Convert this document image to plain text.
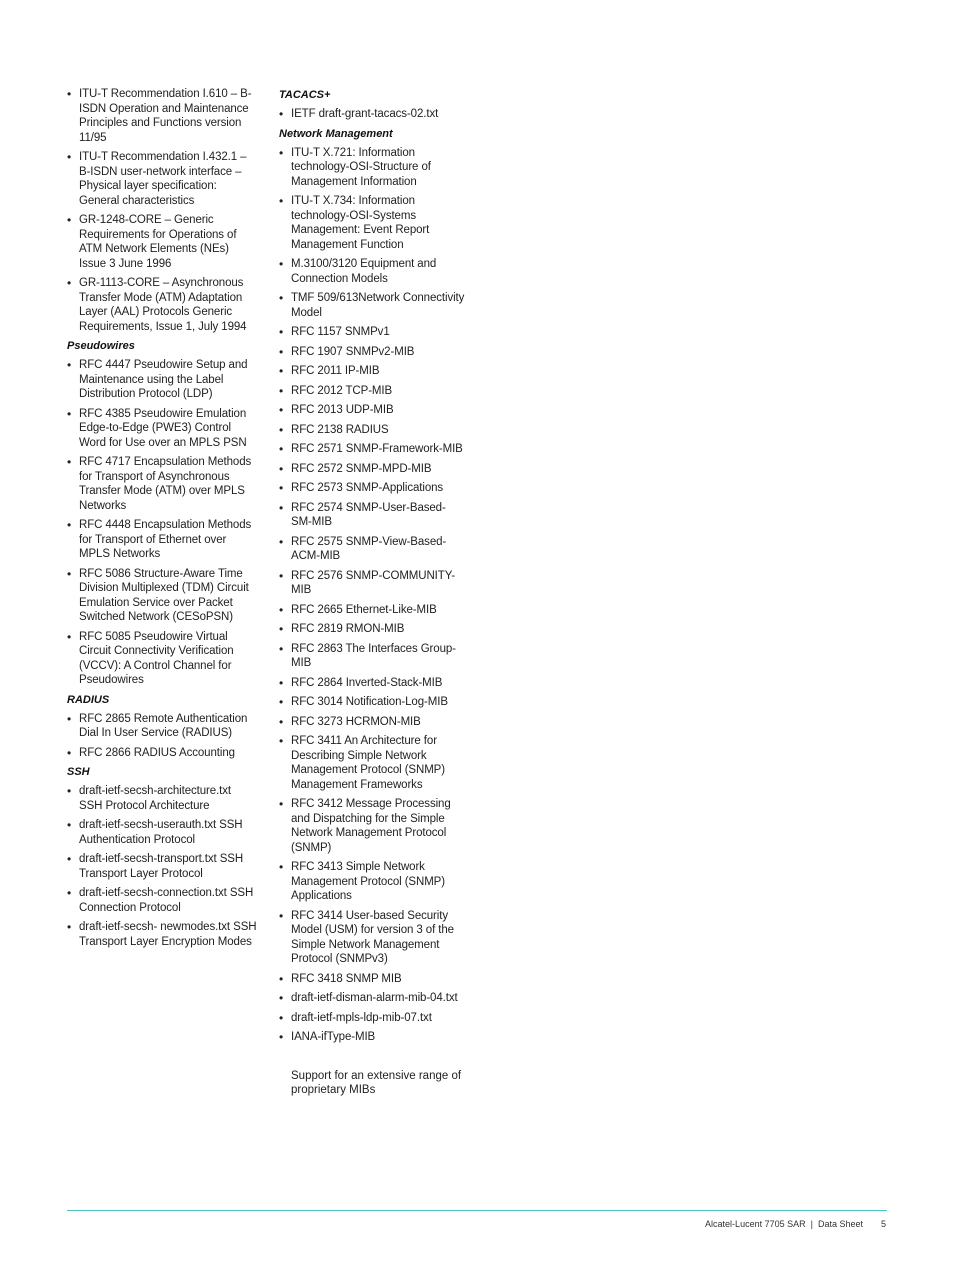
• ITU-T Recommendation I.610 – B-ISDN Operation and Maintenance Principles and Functions version 11/95
• ITU-T Recommendation I.432.1 – B-ISDN user-network interface – Physical layer specification: General characteristics
• GR-1248-CORE – Generic Requirements for Operations of ATM Network Elements (NEs) Issue 3 June 1996
• GR-1113-CORE – Asynchronous Transfer Mode (ATM) Adaptation Layer (AAL) Protocols Generic Requirements, Issue 1, July 1994
Pseudowires
• RFC 4447 Pseudowire Setup and Maintenance using the Label Distribution Protocol (LDP)
• RFC 4385 Pseudowire Emulation Edge-to-Edge (PWE3) Control Word for Use over an MPLS PSN
• RFC 4717 Encapsulation Methods for Transport of Asynchronous Transfer Mode (ATM) over MPLS Networks
• RFC 4448 Encapsulation Methods for Transport of Ethernet over MPLS Networks
• RFC 5086 Structure-Aware Time Division Multiplexed (TDM) Circuit Emulation Service over Packet Switched Network (CESoPSN)
• RFC 5085 Pseudowire Virtual Circuit Connectivity Verification (VCCV): A Control Channel for Pseudowires
RADIUS
• RFC 2865 Remote Authentication Dial In User Service (RADIUS)
• RFC 2866 RADIUS Accounting
SSH
• draft-ietf-secsh-architecture.txt SSH Protocol Architecture
• draft-ietf-secsh-userauth.txt SSH Authentication Protocol
• draft-ietf-secsh-transport.txt SSH Transport Layer Protocol
• draft-ietf-secsh-connection.txt SSH Connection Protocol
• draft-ietf-secsh- newmodes.txt SSH Transport Layer Encryption Modes
TACACS+
• IETF draft-grant-tacacs-02.txt
Network Management
• ITU-T X.721: Information technology-OSI-Structure of Management Information
• ITU-T X.734: Information technology-OSI-Systems Management: Event Report Management Function
• M.3100/3120 Equipment and Connection Models
• TMF 509/613Network Connectivity Model
• RFC 1157 SNMPv1
• RFC 1907 SNMPv2-MIB
• RFC 2011 IP-MIB
• RFC 2012 TCP-MIB
• RFC 2013 UDP-MIB
• RFC 2138 RADIUS
• RFC 2571 SNMP-Framework-MIB
• RFC 2572 SNMP-MPD-MIB
• RFC 2573 SNMP-Applications
• RFC 2574 SNMP-User-Based-SM-MIB
• RFC 2575 SNMP-View-Based-ACM-MIB
• RFC 2576 SNMP-COMMUNITY-MIB
• RFC 2665 Ethernet-Like-MIB
• RFC 2819 RMON-MIB
• RFC 2863 The Interfaces Group-MIB
• RFC 2864 Inverted-Stack-MIB
• RFC 3014 Notification-Log-MIB
• RFC 3273 HCRMON-MIB
• RFC 3411 An Architecture for Describing Simple Network Management Protocol (SNMP) Management Frameworks
• RFC 3412 Message Processing and Dispatching for the Simple Network Management Protocol (SNMP)
• RFC 3413 Simple Network Management Protocol (SNMP) Applications
• RFC 3414 User-based Security Model (USM) for version 3 of the Simple Network Management Protocol (SNMPv3)
• RFC 3418 SNMP MIB
• draft-ietf-disman-alarm-mib-04.txt
• draft-ietf-mpls-ldp-mib-07.txt
• IANA-ifType-MIB
Support for an extensive range of proprietary MIBs
Alcatel-Lucent 7705 SAR | Data Sheet 5
